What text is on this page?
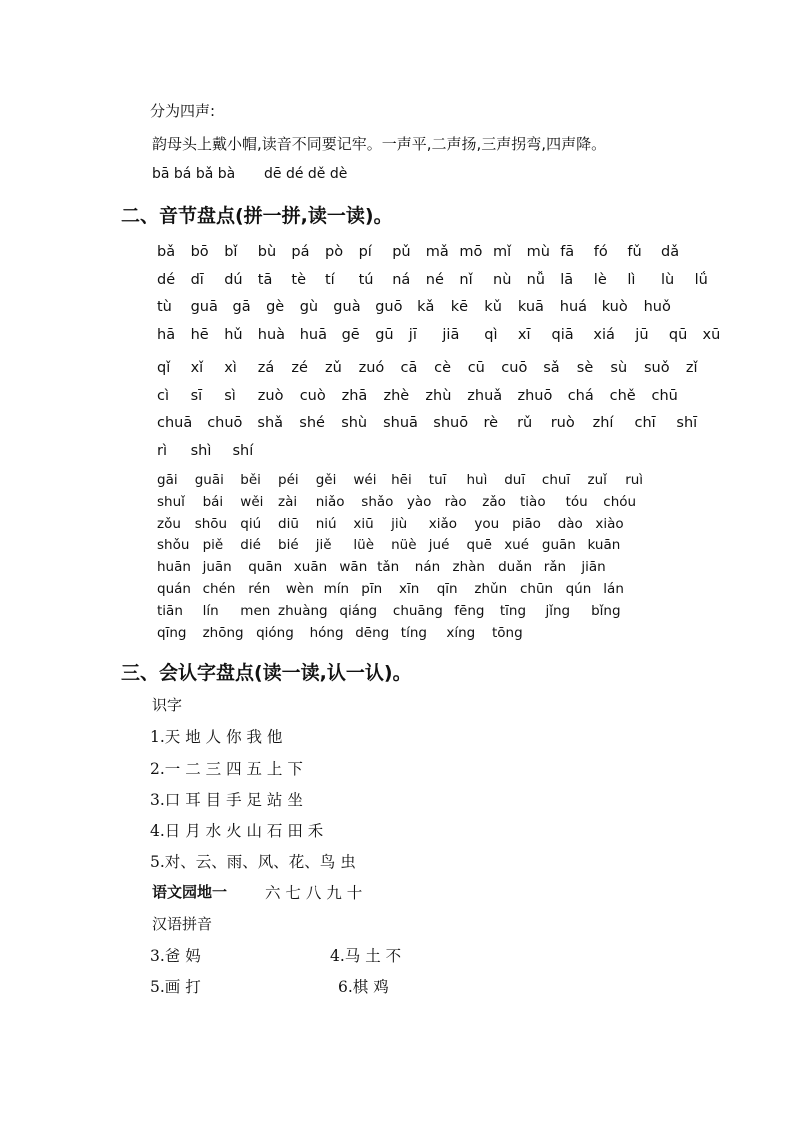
分为四声:
韵母头上戴小帽,读音不同要记牢。一声平,二声扬,三声拐弯,四声降。
bā bá bǎ bà dē dé dě dè
二、音节盘点(拼一拼,读一读)。
bǎ bō bǐ bù pá pò pí pǔ mǎ mō mǐ mù fā fó fǔ dǎ
dé dī dú tā tè tí tú ná né nǐ nù nǚ lā lè lì lù lǘ
tù guā gā gè gù guà guō kǎ kē kǔ kuā huá kuò huǒ
hā hē hǔ huà huā gē gū jī jiā qì xī qiā xiá jū qū xū
qǐ xǐ xì zá zé zǔ zuó cā cè cū cuō sǎ sè sù suǒ zǐ
cì sī sì zuò cuò zhā zhè zhù zhuǎ zhuō chá chě chū
chuā chuō shǎ shé shù shuā shuō rè rǔ ruò zhí chī shī
rì shì shí
gāi guāi běi péi gěi wéi hēi tuī huì duī chuī zuǐ ruì
shuǐ bái wěi zài niǎo shǎo yào rào zǎo tiào tóu chóu
zǒu shōu qiú diū niú xiū jiù xiǎo you piāo dào xiào
shǒu piě dié bié jiě lüè nüè jué quē xué guān kuān
huān juān quān xuān wān tǎn nán zhàn duǎn rǎn jiān
quán chén rén wèn mín pīn xīn qīn zhǔn chūn qún lán
tiān lín men zhuàng qiáng chuāng fēng tīng jǐng bǐng
qīng zhōng qióng hóng dēng tíng xíng tōng
三、会认字盘点(读一读,认一认)。
识字
1.天 地 人 你 我 他
2.一 二 三 四 五 上 下
3.口 耳 目 手 足 站 坐
4.日 月 水 火 山 石 田 禾
5.对、云、雨、风、花、鸟 虫
语文园地一 六 七 八 九 十
汉语拼音
3.爸 妈	4.马 土 不
5.画 打	6.棋 鸡
